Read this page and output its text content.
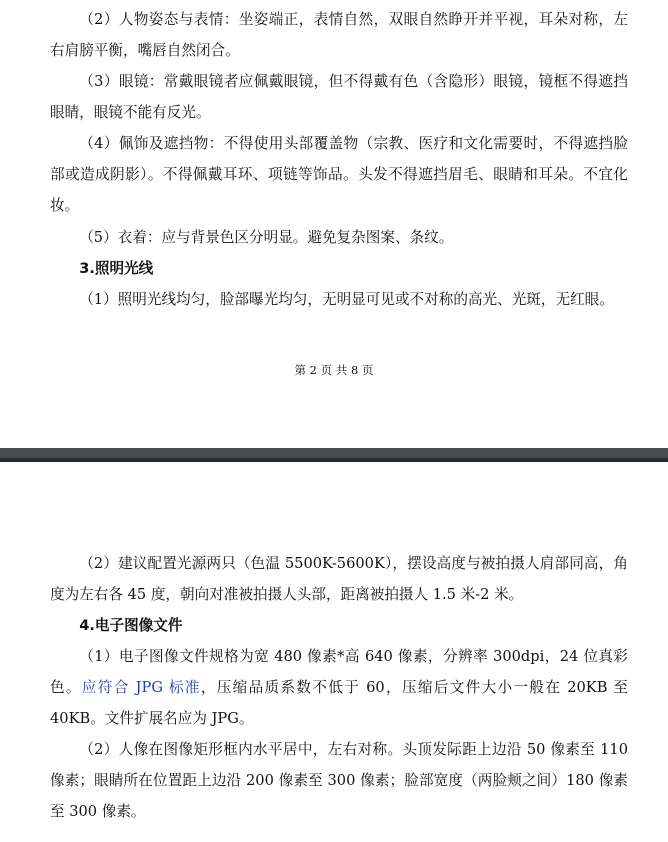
（2）人物姿态与表情：坐姿端正，表情自然，双眼自然睁开并平视，耳朵对称，左右肩膀平衡，嘴唇自然闭合。

（3）眼镜：常戴眼镜者应佩戴眼镜，但不得戴有色（含隐形）眼镜，镜框不得遮挡眼睛，眼镜不能有反光。

（4）佩饰及遮挡物：不得使用头部覆盖物（宗教、医疗和文化需要时，不得遮挡脸部或造成阴影）。不得佩戴耳环、项链等饰品。头发不得遮挡眉毛、眼睛和耳朵。不宜化妆。

（5）衣着：应与背景色区分明显。避免复杂图案、条纹。

3.照明光线

（1）照明光线均匀，脸部曝光均匀，无明显可见或不对称的高光、光斑，无红眼。

第 2 页 共 8 页

（2）建议配置光源两只（色温 5500K-5600K），摆设高度与被拍摄人肩部同高，角度为左右各 45 度，朝向对准被拍摄人头部，距离被拍摄人 1.5 米-2 米。

4.电子图像文件

（1）电子图像文件规格为宽 480 像素*高 640 像素，分辨率 300dpi，24 位真彩色。应符合 JPG 标准，压缩品质系数不低于 60，压缩后文件大小一般在 20KB 至 40KB。文件扩展名应为 JPG。

（2）人像在图像矩形框内水平居中，左右对称。头顶发际距上边沿 50 像素至 110 像素；眼睛所在位置距上边沿 200 像素至 300 像素；脸部宽度（两脸颊之间）180 像素至 300 像素。
